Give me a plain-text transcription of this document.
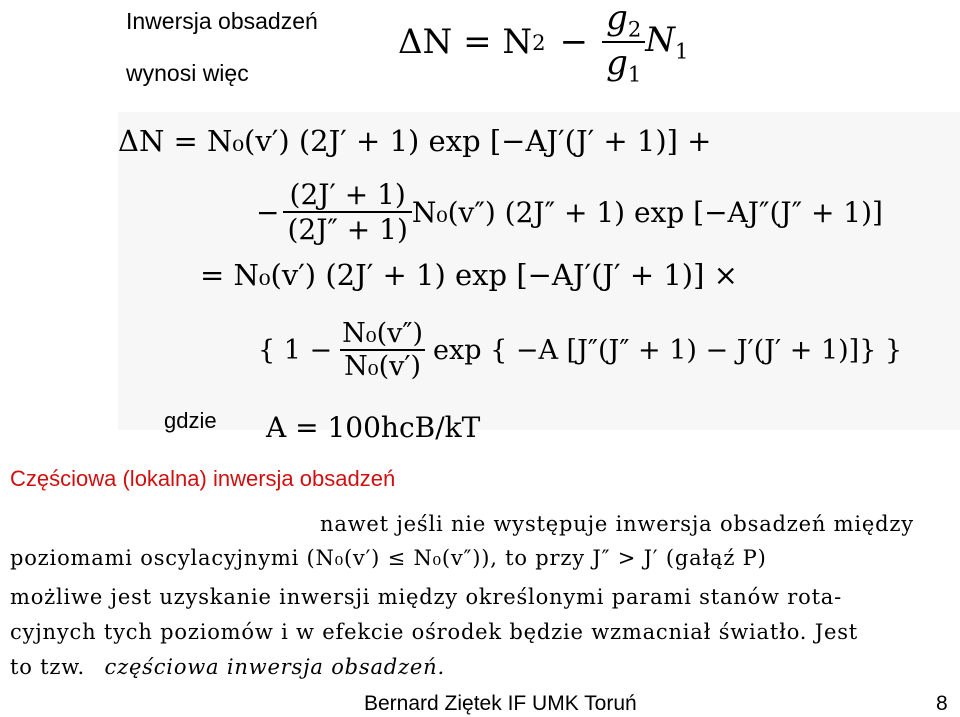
Inwersja obsadzeń
wynosi więc
ΔN = N $2 - \frac{g_2}{g_1} N_1$
ΔN = N₀(v′) (2J′ + 1) exp [−AJ′(J′ + 1)] +
− $\frac{(2J' + 1)}{(2J'' + 1)} N_0(v'') (2J'' + 1)$ exp [−AJ″(J″ + 1)]
= N₀(v′) (2J′ + 1) exp [−AJ′(J′ + 1)] ×
{ $1 - \frac{\text{N₀(v″)}}{\text{N₀(v′)}}$ exp { −A [J″(J″ + 1) − J′(J′ + 1)]} }
gdzie A = 100hcB/kT
Częściowa (lokalna) inwersja obsadzeń
nawet jeśli nie występuje inwersja obsadzeń między
poziomami oscylacyjnymi (N₀(v′) ≤ N₀(v″)), to przy J″ > J′ (gałąź P)
możliwe jest uzyskanie inwersji między określonymi parami stanów rota-
cyjnych tych poziomów i w efekcie ośrodek będzie wzmacniał światło. Jest
to tzw. częściowa inwersja obsadzeń.
Bernard Ziętek IF UMK Toruń	8
